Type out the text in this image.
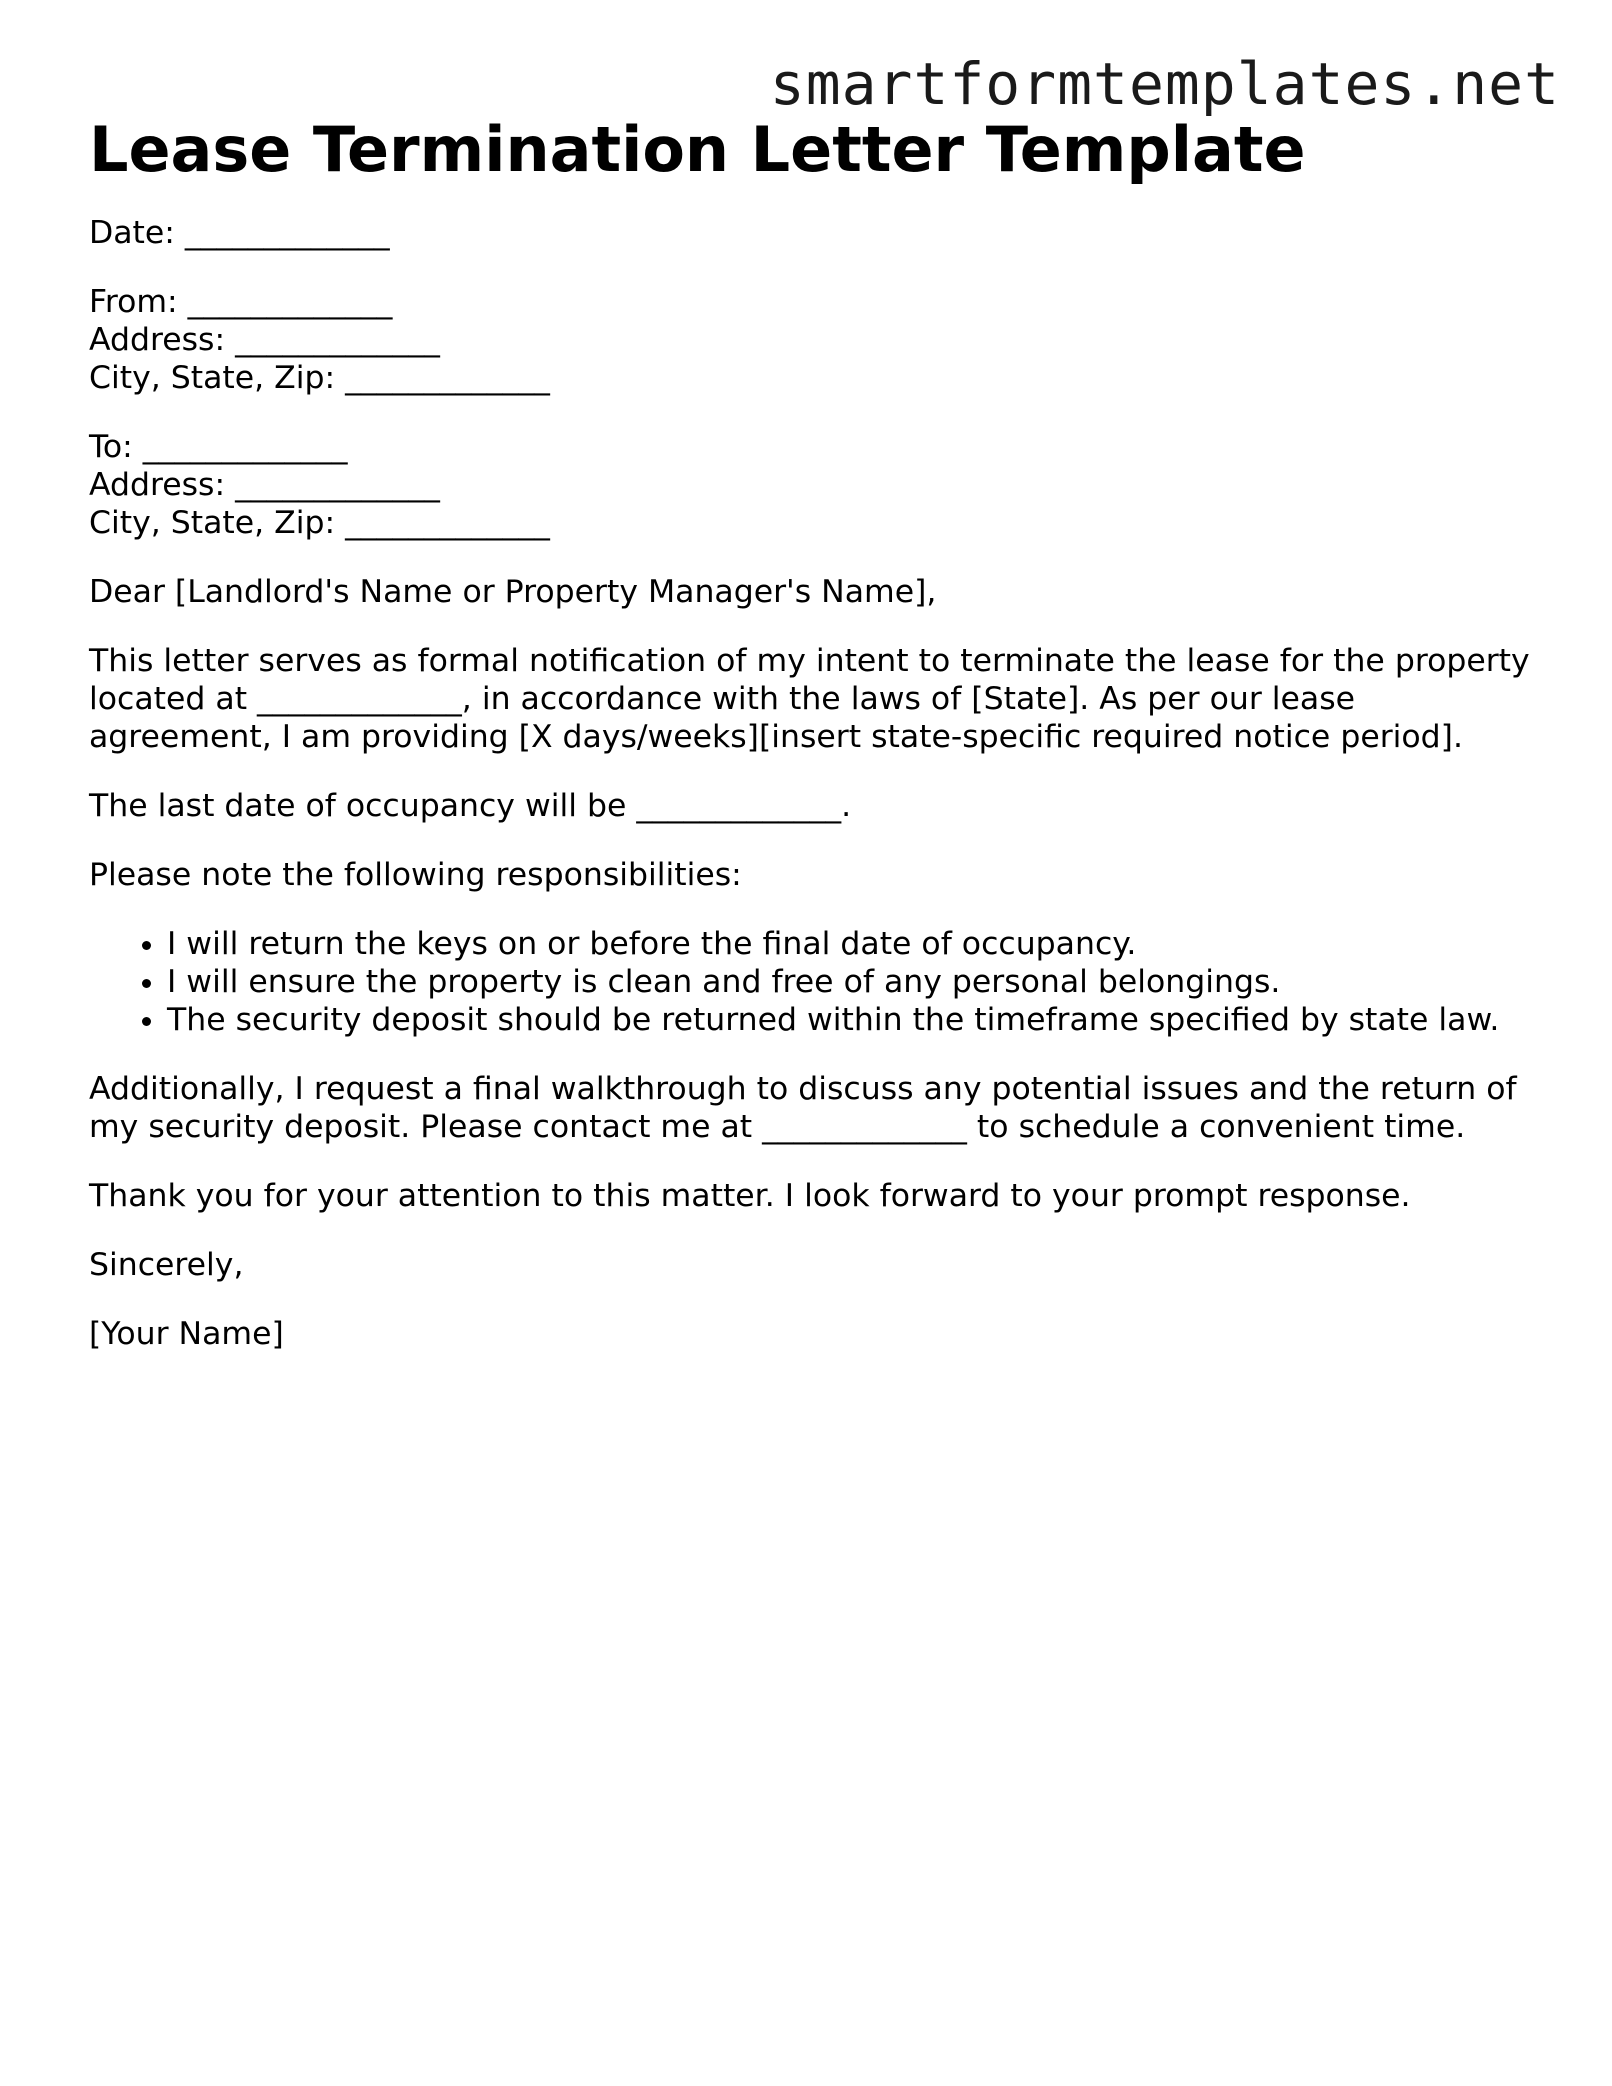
smartformtemplates.net
Lease Termination Letter Template
Date: _____________
From: _____________
Address: _____________
City, State, Zip: _____________
To: _____________
Address: _____________
City, State, Zip: _____________

Dear [Landlord's Name or Property Manager's Name],

This letter serves as formal notification of my intent to terminate the lease for the property located at _____________, in accordance with the laws of [State]. As per our lease agreement, I am providing [X days/weeks][insert state-specific required notice period].

The last date of occupancy will be _____________.

Please note the following responsibilities:

• I will return the keys on or before the final date of occupancy.
• I will ensure the property is clean and free of any personal belongings.
• The security deposit should be returned within the timeframe specified by state law.

Additionally, I request a final walkthrough to discuss any potential issues and the return of my security deposit. Please contact me at _____________ to schedule a convenient time.

Thank you for your attention to this matter. I look forward to your prompt response.

Sincerely,

[Your Name]
